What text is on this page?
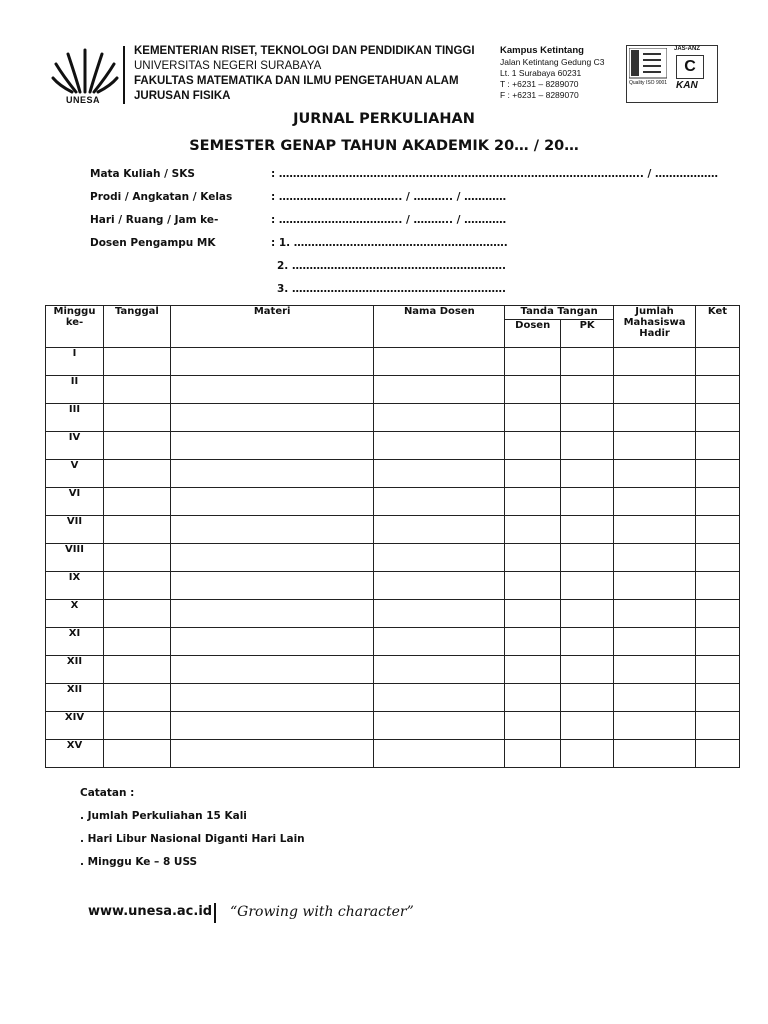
UNESA
KEMENTERIAN RISET, TEKNOLOGI DAN PENDIDIKAN TINGGI
UNIVERSITAS NEGERI SURABAYA
FAKULTAS MATEMATIKA DAN ILMU PENGETAHUAN ALAM
JURUSAN FISIKA
Kampus Ketintang
Jalan Ketintang Gedung C3
Lt. 1 Surabaya 60231
T : +6231 – 8289070
F : +6231 – 8289070
Quality ISO 9001
JAS-ANZ
C
KAN
JURNAL PERKULIAHAN
SEMESTER GENAP TAHUN AKADEMIK 20… / 20…
Mata Kuliah / SKS	: ………………………………………………………………………………………….. / ………………
Prodi / Angkatan / Kelas	: …………………………….. / ……….. / …………
Hari / Ruang / Jam ke-	: …………………………….. / ……….. / …………
Dosen Pengampu MK	: 1. …………………………………………………….
2. …………………………………………………….
3. …………………………………………………….
Minggu ke-	Tanggal	Materi	Nama Dosen	Tanda Tangan		Jumlah Mahasiswa Hadir	Ket
				Dosen	PK		
I							
II							
III							
IV							
V							
VI							
VII							
VIII							
IX							
X							
XI							
XII							
XII							
XIV							
XV							
Catatan :
. Jumlah Perkuliahan 15 Kali
. Hari Libur Nasional Diganti Hari Lain
. Minggu Ke – 8 USS
www.unesa.ac.id “Growing with character”
